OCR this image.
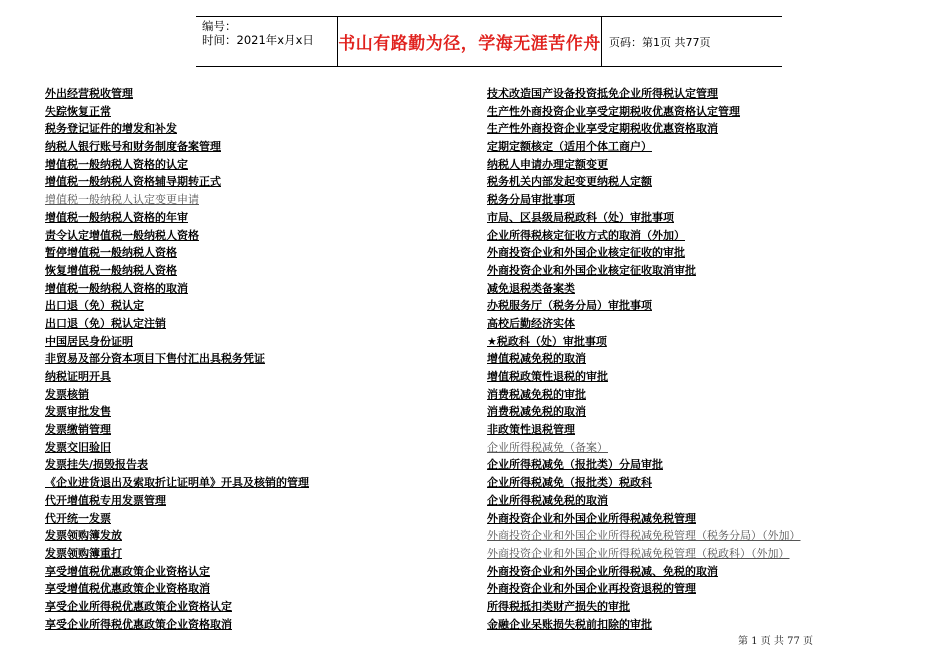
编号：
时间：2021年x月x日	书山有路勤为径，学海无涯苦作舟 页码：第1页 共77页
外出经营税收管理
失踪恢复正常
税务登记证件的增发和补发
纳税人银行账号和财务制度备案管理
增值税一般纳税人资格的认定
增值税一般纳税人资格辅导期转正式
增值税一般纳税人认定变更申请
增值税一般纳税人资格的年审
责令认定增值税一般纳税人资格
暂停增值税一般纳税人资格
恢复增值税一般纳税人资格
增值税一般纳税人资格的取消
出口退（免）税认定
出口退（免）税认定注销
中国居民身份证明
非贸易及部分资本项目下售付汇出具税务凭证
纳税证明开具
发票核销
发票审批发售
发票缴销管理
发票交旧验旧
发票挂失/损毁报告表
《企业进货退出及索取折让证明单》开具及核销的管理
代开增值税专用发票管理
代开统一发票
发票领购簿发放
发票领购簿重打
享受增值税优惠政策企业资格认定
享受增值税优惠政策企业资格取消
享受企业所得税优惠政策企业资格认定
享受企业所得税优惠政策企业资格取消
技术改造国产设备投资抵免企业所得税认定管理
生产性外商投资企业享受定期税收优惠资格认定管理
生产性外商投资企业享受定期税收优惠资格取消
定期定额核定（适用个体工商户）
纳税人申请办理定额变更
税务机关内部发起变更纳税人定额
税务分局审批事项
市局、区县级局税政科（处）审批事项
企业所得税核定征收方式的取消（外加）
外商投资企业和外国企业核定征收的审批
外商投资企业和外国企业核定征收取消审批
减免退税类备案类
办税服务厅（税务分局）审批事项
高校后勤经济实体
★税政科（处）审批事项
增值税减免税的取消
增值税政策性退税的审批
消费税减免税的审批
消费税减免税的取消
非政策性退税管理
企业所得税减免（备案）
企业所得税减免（报批类）分局审批
企业所得税减免（报批类）税政科
企业所得税减免税的取消
外商投资企业和外国企业所得税减免税管理
外商投资企业和外国企业所得税减免税管理（税务分局）（外加）
外商投资企业和外国企业所得税减免税管理（税政科）（外加）
外商投资企业和外国企业所得税减、免税的取消
外商投资企业和外国企业再投资退税的管理
所得税抵扣类财产损失的审批
金融企业呆账损失税前扣除的审批
第 1 页 共 77 页
